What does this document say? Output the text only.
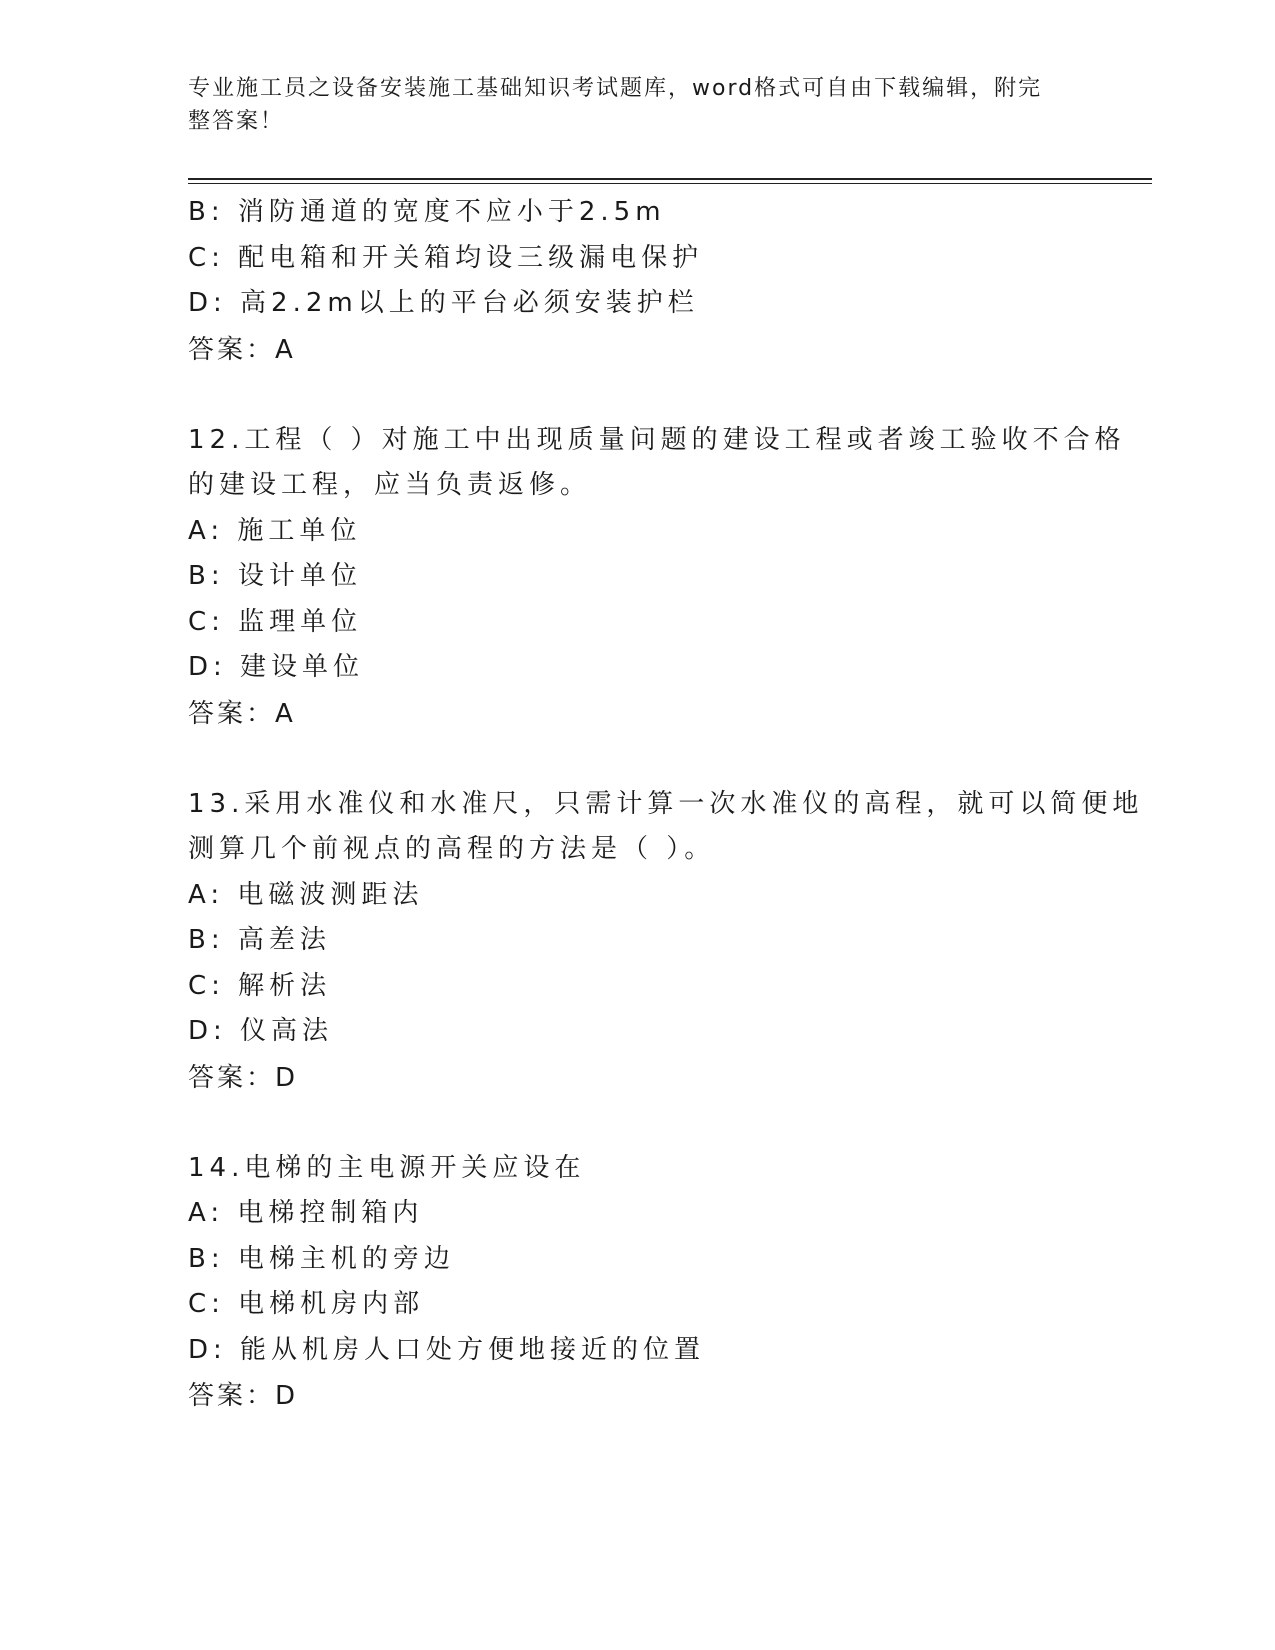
专业施工员之设备安装施工基础知识考试题库，word格式可自由下载编辑，附完
整答案！
B: 消防通道的宽度不应小于2.5m
C: 配电箱和开关箱均设三级漏电保护
D: 高2.2m以上的平台必须安装护栏
答案：A
12.工程（ ）对施工中出现质量问题的建设工程或者竣工验收不合格
的建设工程，应当负责返修。
A: 施工单位
B: 设计单位
C: 监理单位
D: 建设单位
答案：A
13.采用水准仪和水准尺，只需计算一次水准仪的高程，就可以简便地
测算几个前视点的高程的方法是（ ）。
A: 电磁波测距法
B: 高差法
C: 解析法
D: 仪高法
答案：D
14.电梯的主电源开关应设在
A: 电梯控制箱内
B: 电梯主机的旁边
C: 电梯机房内部
D: 能从机房人口处方便地接近的位置
答案：D
